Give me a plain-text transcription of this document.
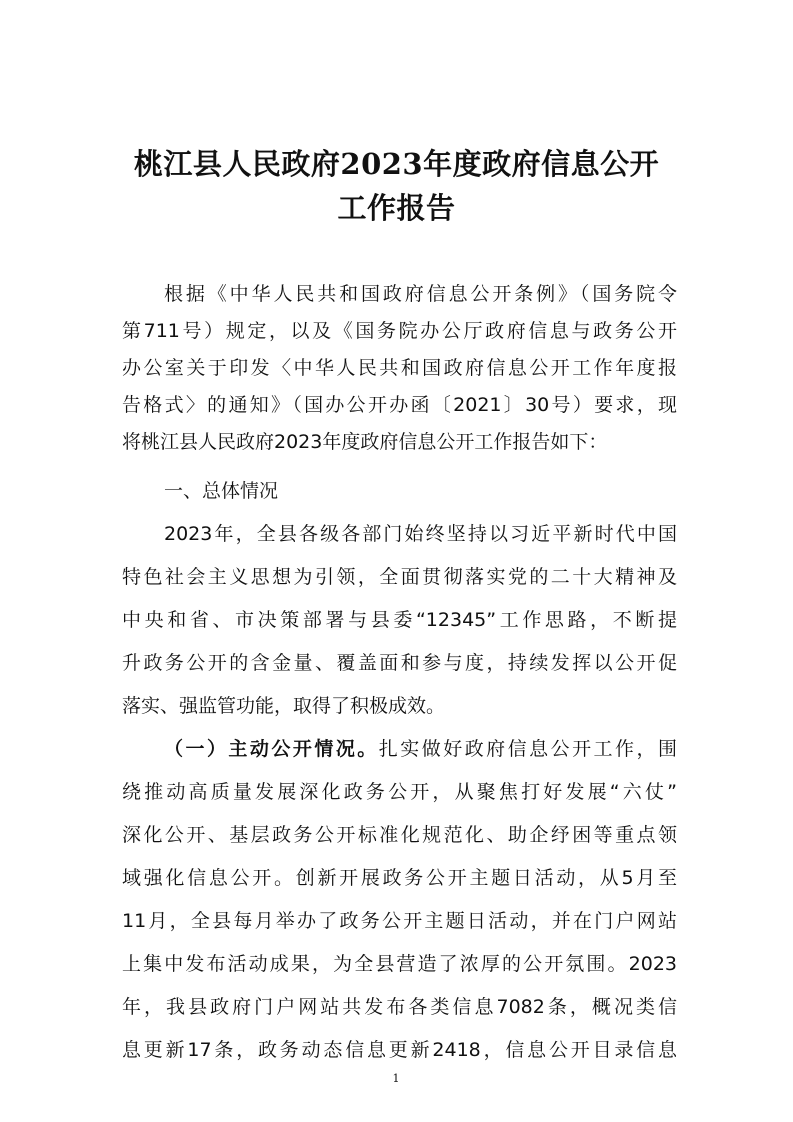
桃江县人民政府2023年度政府信息公开
工作报告
根据《中华人民共和国政府信息公开条例》（国务院令
第711号）规定，以及《国务院办公厅政府信息与政务公开
办公室关于印发〈中华人民共和国政府信息公开工作年度报
告格式〉的通知》（国办公开办函〔2021〕30号）要求，现
将桃江县人民政府2023年度政府信息公开工作报告如下：
一、总体情况
2023年，全县各级各部门始终坚持以习近平新时代中国
特色社会主义思想为引领，全面贯彻落实党的二十大精神及
中央和省、市决策部署与县委“12345”工作思路，不断提
升政务公开的含金量、覆盖面和参与度，持续发挥以公开促
落实、强监管功能，取得了积极成效。
（一）主动公开情况。扎实做好政府信息公开工作，围
绕推动高质量发展深化政务公开，从聚焦打好发展“六仗”
深化公开、基层政务公开标准化规范化、助企纾困等重点领
域强化信息公开。创新开展政务公开主题日活动，从5月至
11月，全县每月举办了政务公开主题日活动，并在门户网站
上集中发布活动成果，为全县营造了浓厚的公开氛围。2023
年，我县政府门户网站共发布各类信息7082条，概况类信
息更新17条，政务动态信息更新2418，信息公开目录信息
1
